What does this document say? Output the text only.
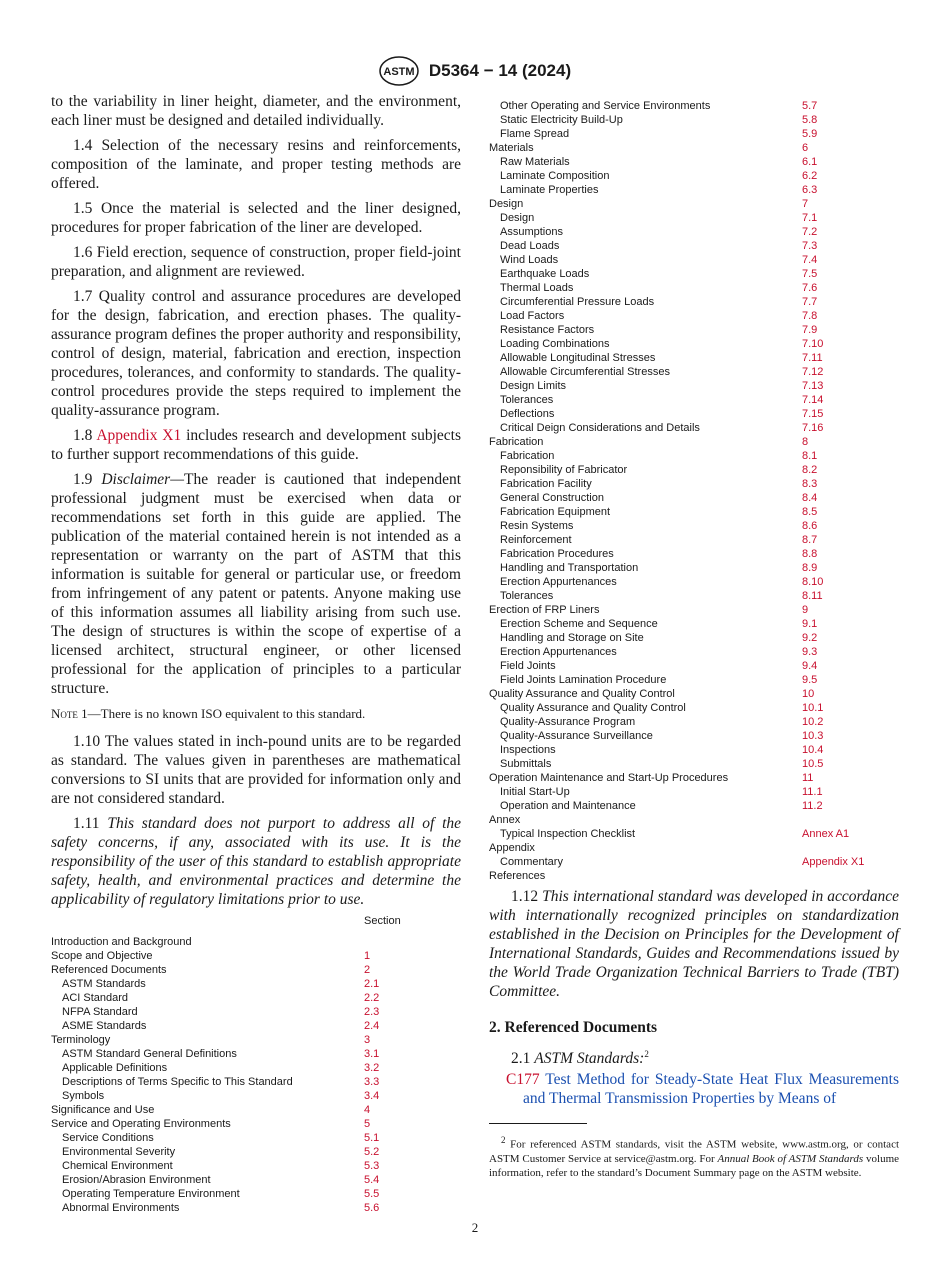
ASTM D5364 − 14 (2024)

to the variability in liner height, diameter, and the environment, each liner must be designed and detailed individually.

1.4 Selection of the necessary resins and reinforcements, composition of the laminate, and proper testing methods are offered.

1.5 Once the material is selected and the liner designed, procedures for proper fabrication of the liner are developed.

1.6 Field erection, sequence of construction, proper field-joint preparation, and alignment are reviewed.

1.7 Quality control and assurance procedures are developed for the design, fabrication, and erection phases. The quality-assurance program defines the proper authority and responsibility, control of design, material, fabrication and erection, inspection procedures, tolerances, and conformity to standards. The quality-control procedures provide the steps required to implement the quality-assurance program.

1.8 Appendix X1 includes research and development subjects to further support recommendations of this guide.

1.9 Disclaimer—The reader is cautioned that independent professional judgment must be exercised when data or recommendations set forth in this guide are applied. The publication of the material contained herein is not intended as a representation or warranty on the part of ASTM that this information is suitable for general or particular use, or freedom from infringement of any patent or patents. Anyone making use of this information assumes all liability arising from such use. The design of structures is within the scope of expertise of a licensed architect, structural engineer, or other licensed professional for the application of principles to a particular structure.

Note 1—There is no known ISO equivalent to this standard.

1.10 The values stated in inch-pound units are to be regarded as standard. The values given in parentheses are mathematical conversions to SI units that are provided for information only and are not considered standard.

1.11 This standard does not purport to address all of the safety concerns, if any, associated with its use. It is the responsibility of the user of this standard to establish appropriate safety, health, and environmental practices and determine the applicability of regulatory limitations prior to use.

Section
Introduction and Background
Scope and Objective	1
Referenced Documents	2
ASTM Standards	2.1
ACI Standard	2.2
NFPA Standard	2.3
ASME Standards	2.4
Terminology	3
ASTM Standard General Definitions	3.1
Applicable Definitions	3.2
Descriptions of Terms Specific to This Standard	3.3
Symbols	3.4
Significance and Use	4
Service and Operating Environments	5
Service Conditions	5.1
Environmental Severity	5.2
Chemical Environment	5.3
Erosion/Abrasion Environment	5.4
Operating Temperature Environment	5.5
Abnormal Environments	5.6
Other Operating and Service Environments	5.7
Static Electricity Build-Up	5.8
Flame Spread	5.9
Materials	6
Raw Materials	6.1
Laminate Composition	6.2
Laminate Properties	6.3
Design	7
Design	7.1
Assumptions	7.2
Dead Loads	7.3
Wind Loads	7.4
Earthquake Loads	7.5
Thermal Loads	7.6
Circumferential Pressure Loads	7.7
Load Factors	7.8
Resistance Factors	7.9
Loading Combinations	7.10
Allowable Longitudinal Stresses	7.11
Allowable Circumferential Stresses	7.12
Design Limits	7.13
Tolerances	7.14
Deflections	7.15
Critical Deign Considerations and Details	7.16
Fabrication	8
Fabrication	8.1
Reponsibility of Fabricator	8.2
Fabrication Facility	8.3
General Construction	8.4
Fabrication Equipment	8.5
Resin Systems	8.6
Reinforcement	8.7
Fabrication Procedures	8.8
Handling and Transportation	8.9
Erection Appurtenances	8.10
Tolerances	8.11
Erection of FRP Liners	9
Erection Scheme and Sequence	9.1
Handling and Storage on Site	9.2
Erection Appurtenances	9.3
Field Joints	9.4
Field Joints Lamination Procedure	9.5
Quality Assurance and Quality Control	10
Quality Assurance and Quality Control	10.1
Quality-Assurance Program	10.2
Quality-Assurance Surveillance	10.3
Inspections	10.4
Submittals	10.5
Operation Maintenance and Start-Up Procedures	11
Initial Start-Up	11.1
Operation and Maintenance	11.2
Annex
Typical Inspection Checklist	Annex A1
Appendix
Commentary	Appendix X1
References

1.12 This international standard was developed in accordance with internationally recognized principles on standardization established in the Decision on Principles for the Development of International Standards, Guides and Recommendations issued by the World Trade Organization Technical Barriers to Trade (TBT) Committee.

2. Referenced Documents

2.1 ASTM Standards:$^2$

C177 Test Method for Steady-State Heat Flux Measurements and Thermal Transmission Properties by Means of

$^2$ For referenced ASTM standards, visit the ASTM website, www.astm.org, or contact ASTM Customer Service at service@astm.org. For Annual Book of ASTM Standards volume information, refer to the standard’s Document Summary page on the ASTM website.
2
